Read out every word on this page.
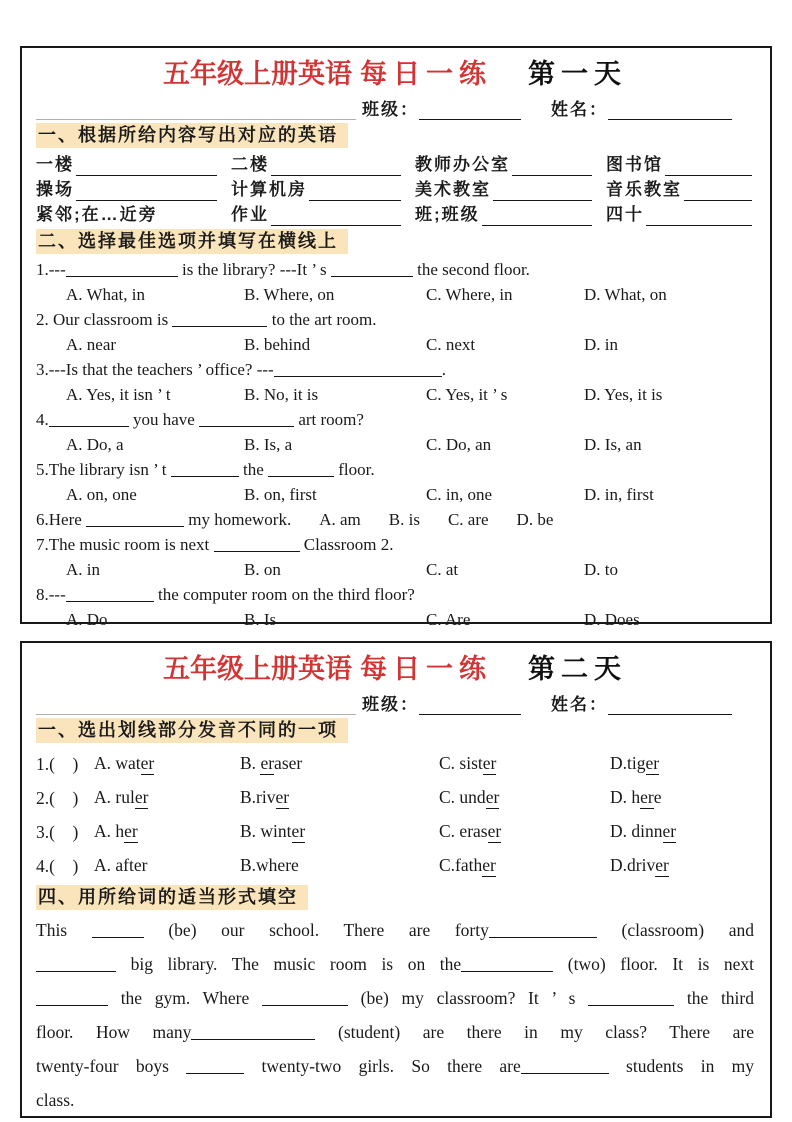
五年级上册英语 每日一练 第一天
班级：	姓名：
一、根据所给内容写出对应的英语
一楼	二楼	教师办公室	图书馆
操场	计算机房	美术教室	音乐教室
紧邻;在…近旁	作业	班;班级	四十
二、选择最佳选项并填写在横线上
1.---	is the library? ---It ’ s	the second floor.
A. What, in	B. Where, on	C. Where, in	D. What, on
2. Our classroom is	to the art room.
A. near	B. behind	C. next	D. in
3.---Is that the teachers ’ office? ---	.
A. Yes, it isn ’ t	B. No, it is	C. Yes, it ’ s	D. Yes, it is
4.	you have	art room?
A. Do, a	B. Is, a	C. Do, an	D. Is, an
5.The library isn ’ t	the	floor.
A. on, one	B. on, first	C. in, one	D. in, first
6.Here	my homework. A. am B. is C. are D. be
7.The music room is next	Classroom 2.
A. in	B. on	C. at	D. to
8.---	the computer room on the third floor?
A. Do	B. Is	C. Are	D. Does
五年级上册英语 每日一练 第二天
班级：	姓名：
一、选出划线部分发音不同的一项
1.(　) A. water	B. eraser	C. sister	D.tiger
2.(　) A. ruler	B.river	C. under	D. here
3.(　) A. her	B. winter	C. eraser	D. dinner
4.(　) A. after	B.where	C.father	D.driver
四、用所给词的适当形式填空
This	(be) our school. There are forty	(classroom) and
big library. The music room is on the	(two) floor. It is next
the gym. Where	(be) my classroom? It ’ s	the third
floor. How many	(student) are there in my class? There are
twenty-four boys	twenty-two girls. So there are	students in my
class.
